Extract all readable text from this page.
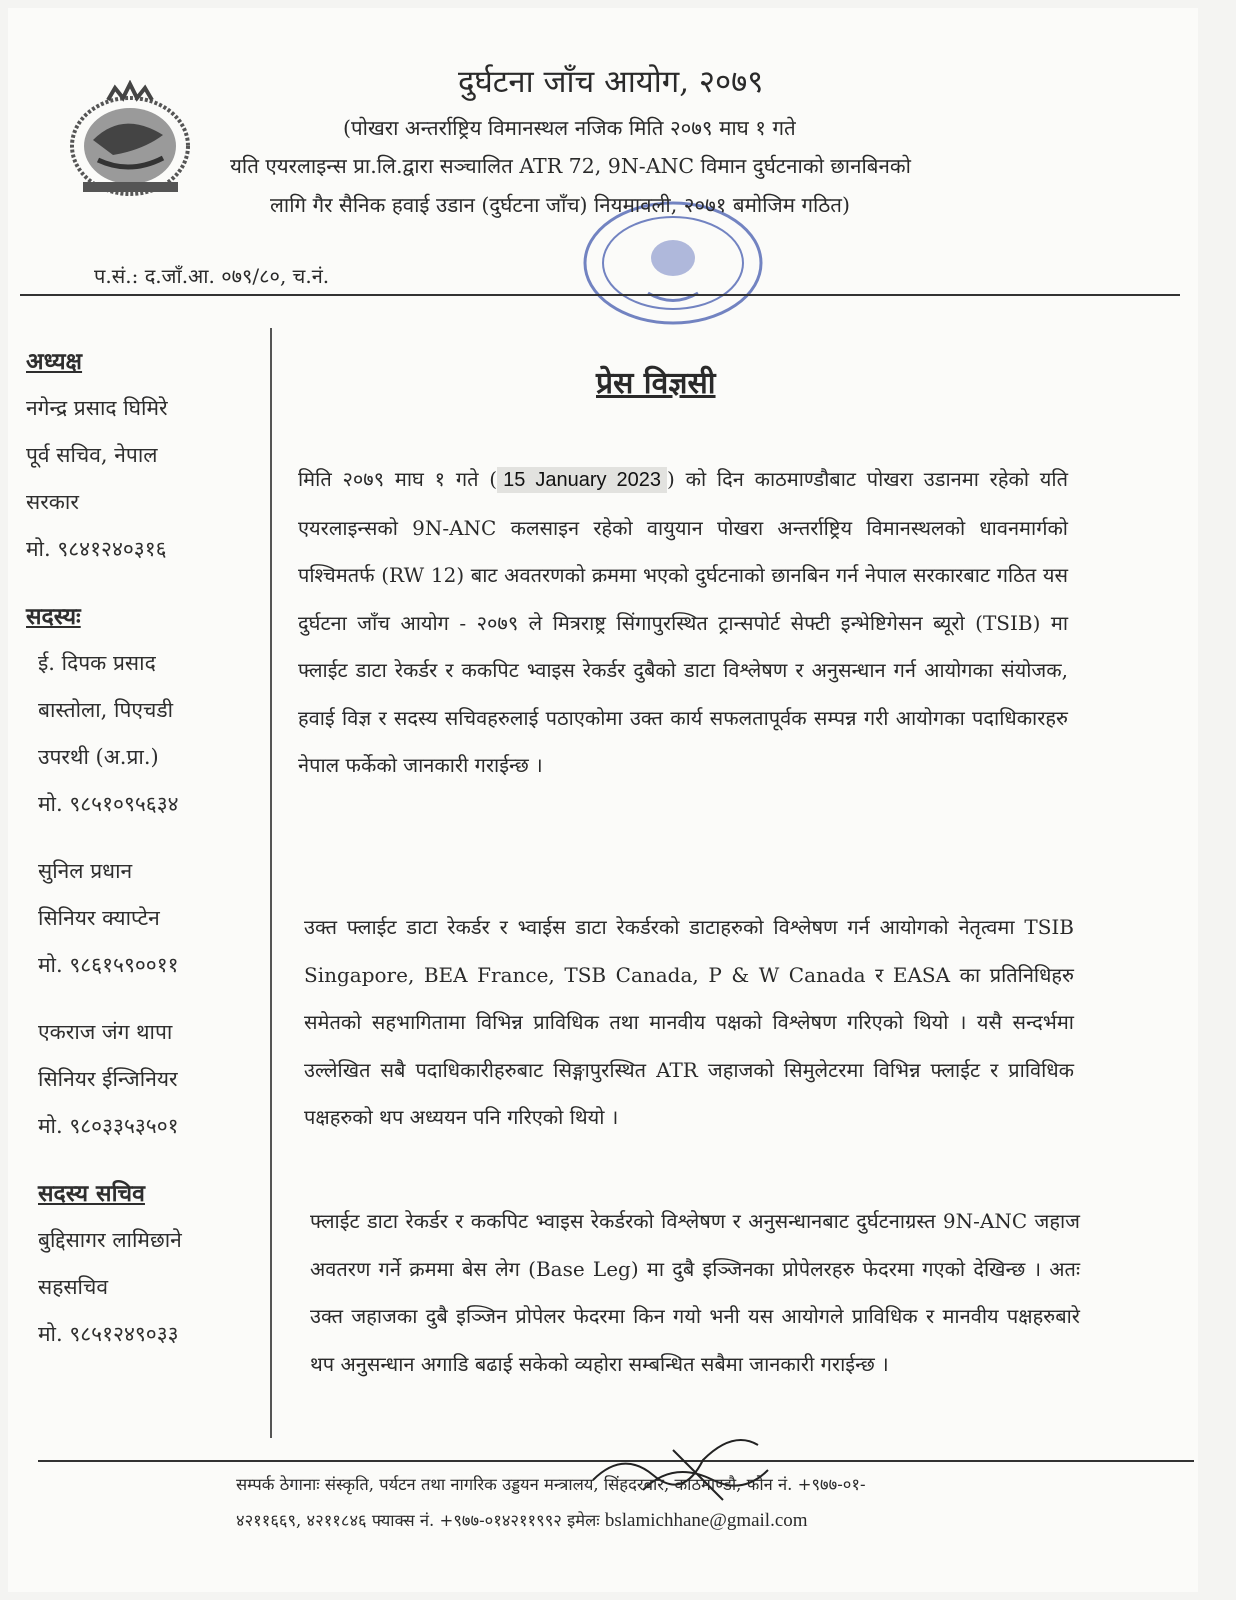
दुर्घटना जाँच आयोग, २०७९
(पोखरा अन्तर्राष्ट्रिय विमानस्थल नजिक मिति २०७९ माघ १ गते
यति एयरलाइन्स प्रा.लि.द्वारा सञ्चालित ATR 72, 9N-ANC विमान दुर्घटनाको छानबिनको
लागि गैर सैनिक हवाई उडान (दुर्घटना जाँच) नियमावली, २०७१ बमोजिम गठित)
प.सं.: द.जाँ.आ. ०७९/८०, च.नं.
अध्यक्ष
नगेन्द्र प्रसाद घिमिरे
पूर्व सचिव, नेपाल
सरकार
मो. ९८४१२४०३१६
सदस्यः
ई. दिपक प्रसाद
बास्तोला, पिएचडी
उपरथी (अ.प्रा.)
मो. ९८५१०९५६३४
सुनिल प्रधान
सिनियर क्याप्टेन
मो. ९८६१५९००११
एकराज जंग थापा
सिनियर ईन्जिनियर
मो. ९८०३३५३५०१
सदस्य सचिव
बुद्दिसागर लामिछाने
सहसचिव
मो. ९८५१२४९०३३
प्रेस विज्ञसी
मिति २०७९ माघ १ गते ( 15 January 2023 ) को दिन काठमाण्डौबाट पोखरा उडानमा रहेको यति एयरलाइन्सको 9N-ANC कलसाइन रहेको वायुयान पोखरा अन्तर्राष्ट्रिय विमानस्थलको धावनमार्गको पश्चिमतर्फ (RW 12) बाट अवतरणको क्रममा भएको दुर्घटनाको छानबिन गर्न नेपाल सरकारबाट गठित यस दुर्घटना जाँच आयोग - २०७९ ले मित्रराष्ट्र सिंगापुरस्थित ट्रान्सपोर्ट सेफ्टी इन्भेष्टिगेसन ब्यूरो (TSIB) मा फ्लाईट डाटा रेकर्डर र ककपिट भ्वाइस रेकर्डर दुबैको डाटा विश्लेषण र अनुसन्धान गर्न आयोगका संयोजक, हवाई विज्ञ र सदस्य सचिवहरुलाई पठाएकोमा उक्त कार्य सफलतापूर्वक सम्पन्न गरी आयोगका पदाधिकारहरु नेपाल फर्केको जानकारी गराईन्छ ।
उक्त फ्लाईट डाटा रेकर्डर र भ्वाईस डाटा रेकर्डरको डाटाहरुको विश्लेषण गर्न आयोगको नेतृत्वमा TSIB Singapore, BEA France, TSB Canada, P & W Canada र EASA का प्रतिनिधिहरु समेतको सहभागितामा विभिन्न प्राविधिक तथा मानवीय पक्षको विश्लेषण गरिएको थियो । यसै सन्दर्भमा उल्लेखित सबै पदाधिकारीहरुबाट सिङ्गापुरस्थित ATR जहाजको सिमुलेटरमा विभिन्न फ्लाईट र प्राविधिक पक्षहरुको थप अध्ययन पनि गरिएको थियो ।
फ्लाईट डाटा रेकर्डर र ककपिट भ्वाइस रेकर्डरको विश्लेषण र अनुसन्धानबाट दुर्घटनाग्रस्त 9N-ANC जहाज अवतरण गर्ने क्रममा बेस लेग (Base Leg) मा दुबै इञ्जिनका प्रोपेलरहरु फेदरमा गएको देखिन्छ । अतः उक्त जहाजका दुबै इञ्जिन प्रोपेलर फेदरमा किन गयो भनी यस आयोगले प्राविधिक र मानवीय पक्षहरुबारे थप अनुसन्धान अगाडि बढाई सकेको व्यहोरा सम्बन्धित सबैमा जानकारी गराईन्छ ।
सम्पर्क ठेगानाः संस्कृति, पर्यटन तथा नागरिक उड्डयन मन्त्रालय, सिंहदरबार, काठमाण्डौ, फोन नं. +९७७-०१-
४२११६६९, ४२११८४६ फ्याक्स नं. +९७७-०१४२११९९२ इमेलः bslamichhane@gmail.com
